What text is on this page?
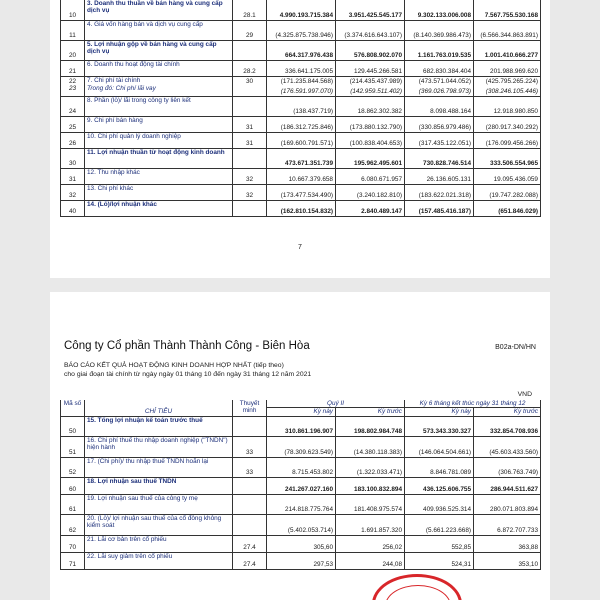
10	3. Doanh thu thuần về bán hàng và cung cấp dịch vụ	28.1	4.990.193.715.384	3.951.425.545.177	9.302.133.006.008	7.567.755.530.168
11	4. Giá vốn hàng bán và dịch vụ cung cấp	29	(4.325.875.738.946)	(3.374.616.643.107)	(8.140.369.986.473)	(6.566.344.863.891)
20	5. Lợi nhuận gộp về bán hàng và cung cấp dịch vụ		664.317.976.438	576.808.902.070	1.161.763.019.535	1.001.410.666.277
21	6. Doanh thu hoạt động tài chính	28.2	336.641.175.005	129.445.266.581	682.830.384.404	201.988.969.620
22	7. Chi phí tài chính	30	(171.235.844.568)	(214.435.437.989)	(473.571.044.052)	(425.795.265.224)
23	Trong đó: Chi phí lãi vay		(176.591.997.070)	(142.959.511.402)	(369.026.798.973)	(308.246.105.446)
24	8. Phần (lỗ)/ lãi trong công ty liên kết		(138.437.719)	18.862.302.382	8.098.488.164	12.918.980.850
25	9. Chi phí bán hàng	31	(186.312.725.846)	(173.880.132.790)	(330.856.979.486)	(280.917.340.292)
26	10. Chi phí quản lý doanh nghiệp	31	(169.600.791.571)	(100.838.404.653)	(317.435.122.051)	(176.099.456.266)
30	11. Lợi nhuận thuần từ hoạt động kinh doanh		473.671.351.739	195.962.495.601	730.828.746.514	333.506.554.965
31	12. Thu nhập khác	32	10.667.379.658	6.080.671.957	26.136.605.131	19.095.436.059
32	13. Chi phí khác	32	(173.477.534.490)	(3.240.182.810)	(183.622.021.318)	(19.747.282.088)
40	14. (Lỗ)/lợi nhuận khác		(162.810.154.832)	2.840.489.147	(157.485.416.187)	(651.846.029)
7
Công ty Cổ phần Thành Thành Công - Biên Hòa	B02a-DN/HN
BÁO CÁO KẾT QUẢ HOẠT ĐỘNG KINH DOANH HỢP NHẤT (tiếp theo)
cho giai đoạn tài chính từ ngày ngày 01 tháng 10 đến ngày 31 tháng 12 năm 2021
VND
Mã số	CHỈ TIÊU	Thuyết minh	Quý II		Kỳ 6 tháng kết thúc ngày 31 tháng 12	
			Kỳ này	Kỳ trước	Kỳ này	Kỳ trước
50	15. Tổng lợi nhuận kế toán trước thuế		310.861.196.907	198.802.984.748	573.343.330.327	332.854.708.936
51	16. Chi phí thuế thu nhập doanh nghiệp ("TNDN") hiện hành	33	(78.309.623.549)	(14.380.118.383)	(146.064.504.661)	(45.603.433.560)
52	17. (Chi phí)/ thu nhập thuế TNDN hoãn lại	33	8.715.453.802	(1.322.033.471)	8.846.781.089	(306.763.749)
60	18. Lợi nhuận sau thuế TNDN		241.267.027.160	183.100.832.894	436.125.606.755	286.944.511.627
61	19. Lợi nhuận sau thuế của công ty mẹ		214.818.775.764	181.408.975.574	409.936.525.314	280.071.803.894
62	20. (Lỗ)/ lợi nhuận sau thuế của cổ đông không kiểm soát		(5.402.053.714)	1.691.857.320	(5.661.223.668)	6.872.707.733
70	21. Lãi cơ bản trên cổ phiếu	27.4	305,60	256,02	552,85	363,88
71	22. Lãi suy giảm trên cổ phiếu	27.4	297,53	244,08	524,31	353,10
